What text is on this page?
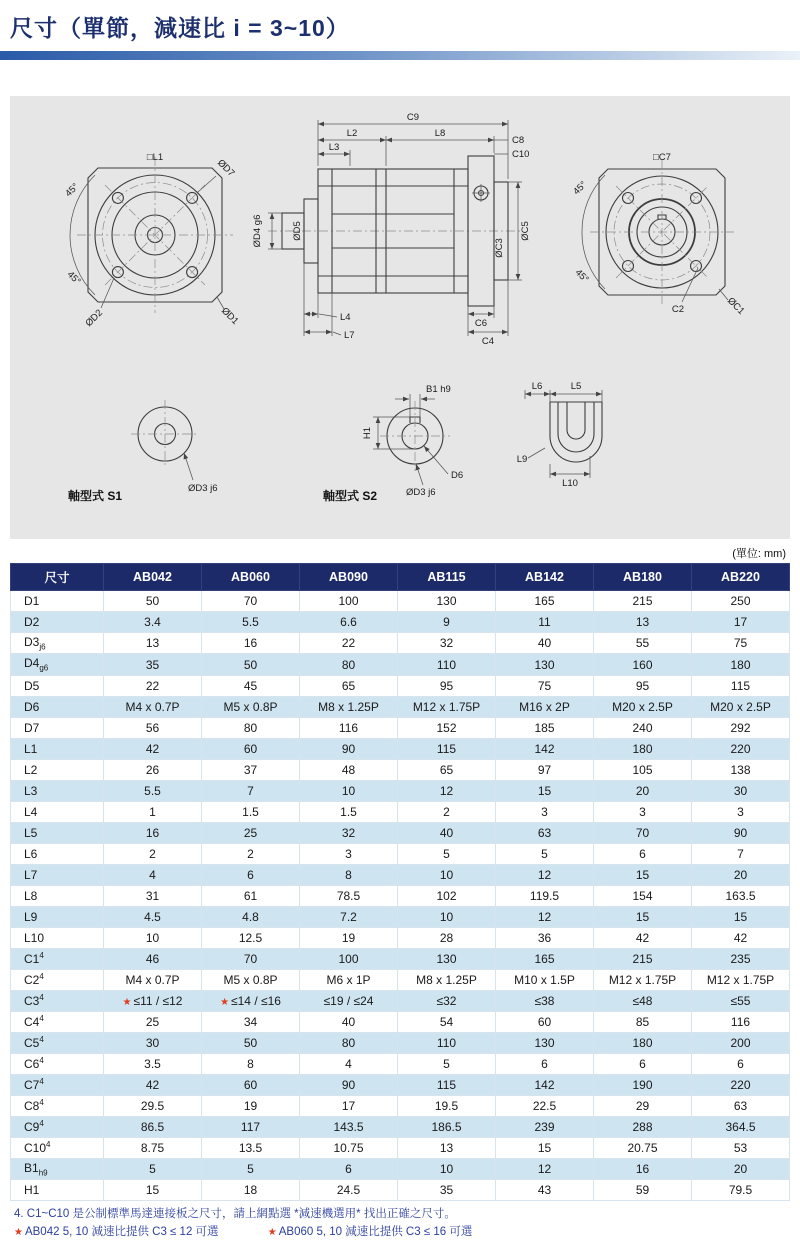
尺寸（單節，減速比 i = 3~10）
□L1	ØD7
ØD2	ØD1
45°
45°
C9
L2	L8
C8
L3
C10
ØD4 g6	ØD5	ØC5
ØC3
L4
L7
C6
C4
□C7
45°
45°
C2	ØC1
ØD3 j6
軸型式 S1
B1 h9
H1
D6
ØD3 j6
軸型式 S2
L6	L5
L9
L10
(單位: mm)
尺寸	AB042	AB060	AB090	AB115	AB142	AB180	AB220
D1	50	70	100	130	165	215	250
D2	3.4	5.5	6.6	9	11	13	17
$D3_{j6}$	13	16	22	32	40	55	75
$D4_{g6}$	35	50	80	110	130	160	180
D5	22	45	65	95	75	95	115
D6	M4 x 0.7P	M5 x 0.8P	M8 x 1.25P	M12 x 1.75P	M16 x 2P	M20 x 2.5P	M20 x 2.5P
D7	56	80	116	152	185	240	292
L1	42	60	90	115	142	180	220
L2	26	37	48	65	97	105	138
L3	5.5	7	10	12	15	20	30
L4	1	1.5	1.5	2	3	3	3
L5	16	25	32	40	63	70	90
L6	2	2	3	5	5	6	7
L7	4	6	8	10	12	15	20
L8	31	61	78.5	102	119.5	154	163.5
L9	4.5	4.8	7.2	10	12	15	15
L10	10	12.5	19	28	36	42	42
$C1^4$	46	70	100	130	165	215	235
$C2^4$	M4 x 0.7P	M5 x 0.8P	M6 x 1P	M8 x 1.25P	M10 x 1.5P	M12 x 1.75P	M12 x 1.75P
$C3^4$	★ ≤11 / ≤12	★ ≤14 / ≤16	≤19 / ≤24	≤32	≤38	≤48	≤55
$C4^4$	25	34	40	54	60	85	116
$C5^4$	30	50	80	110	130	180	200
$C6^4$	3.5	8	4	5	6	6	6
$C7^4$	42	60	90	115	142	190	220
$C8^4$	29.5	19	17	19.5	22.5	29	63
$C9^4$	86.5	117	143.5	186.5	239	288	364.5
$C10^4$	8.75	13.5	10.75	13	15	20.75	53
$B1_{h9}$	5	5	6	10	12	16	20
H1	15	18	24.5	35	43	59	79.5
4. C1~C10 是公制標準馬達連接板之尺寸，請上網點選 *減速機選用* 找出正確之尺寸。
★ AB042 5, 10 減速比提供 C3 ≤ 12 可選	★ AB060 5, 10 減速比提供 C3 ≤ 16 可選
